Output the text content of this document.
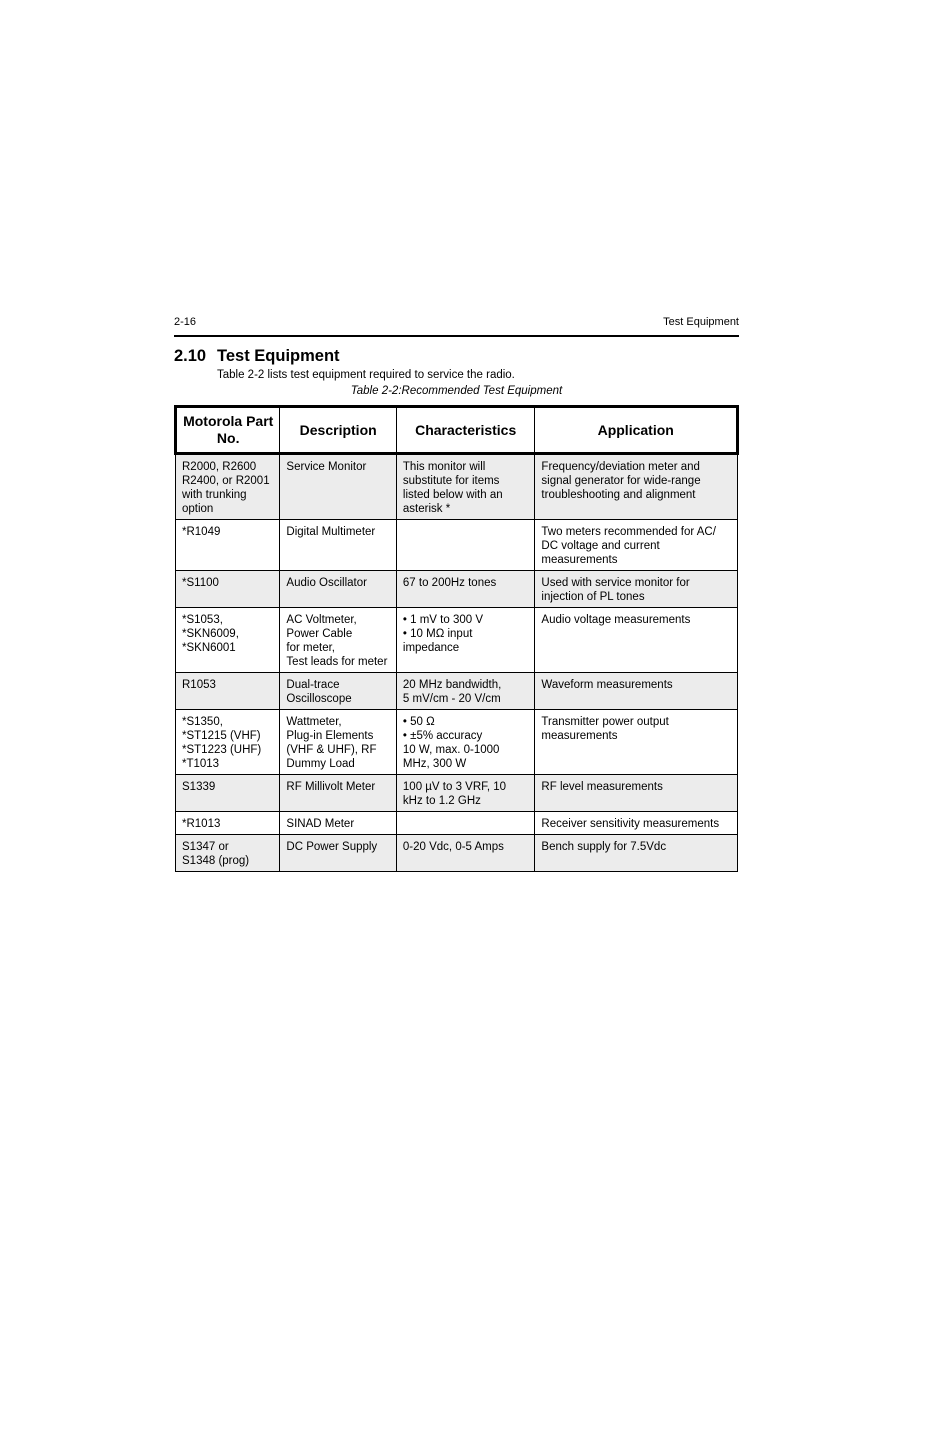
2-16	Test Equipment
2.10 Test Equipment

Table 2-2 lists test equipment required to service the radio.

Table 2-2:Recommended Test Equipment
Motorola Part No.	Description	Characteristics	Application
R2000, R2600
R2400, or R2001
with trunking
option	Service Monitor	This monitor will
substitute for items
listed below with an
asterisk *	Frequency/deviation meter and
signal generator for wide-range
troubleshooting and alignment
*R1049	Digital Multimeter		Two meters recommended for AC/
DC voltage and current
measurements
*S1100	Audio Oscillator	67 to 200Hz tones	Used with service monitor for
injection of PL tones
*S1053,
*SKN6009,
*SKN6001	AC Voltmeter,
Power Cable
for meter,
Test leads for meter	• 1 mV to 300 V
• 10 MΩ input
impedance	Audio voltage measurements
R1053	Dual-trace
Oscilloscope	20 MHz bandwidth,
5 mV/cm - 20 V/cm	Waveform measurements
*S1350,
*ST1215 (VHF)
*ST1223 (UHF)
*T1013	Wattmeter,
Plug-in Elements
(VHF & UHF), RF
Dummy Load	• 50 Ω
• ±5% accuracy
10 W, max. 0-1000
MHz, 300 W	Transmitter power output
measurements
S1339	RF Millivolt Meter	100 µV to 3 VRF, 10
kHz to 1.2 GHz	RF level measurements
*R1013	SINAD Meter		Receiver sensitivity measurements
S1347 or
S1348 (prog)	DC Power Supply	0-20 Vdc, 0-5 Amps	Bench supply for 7.5Vdc
